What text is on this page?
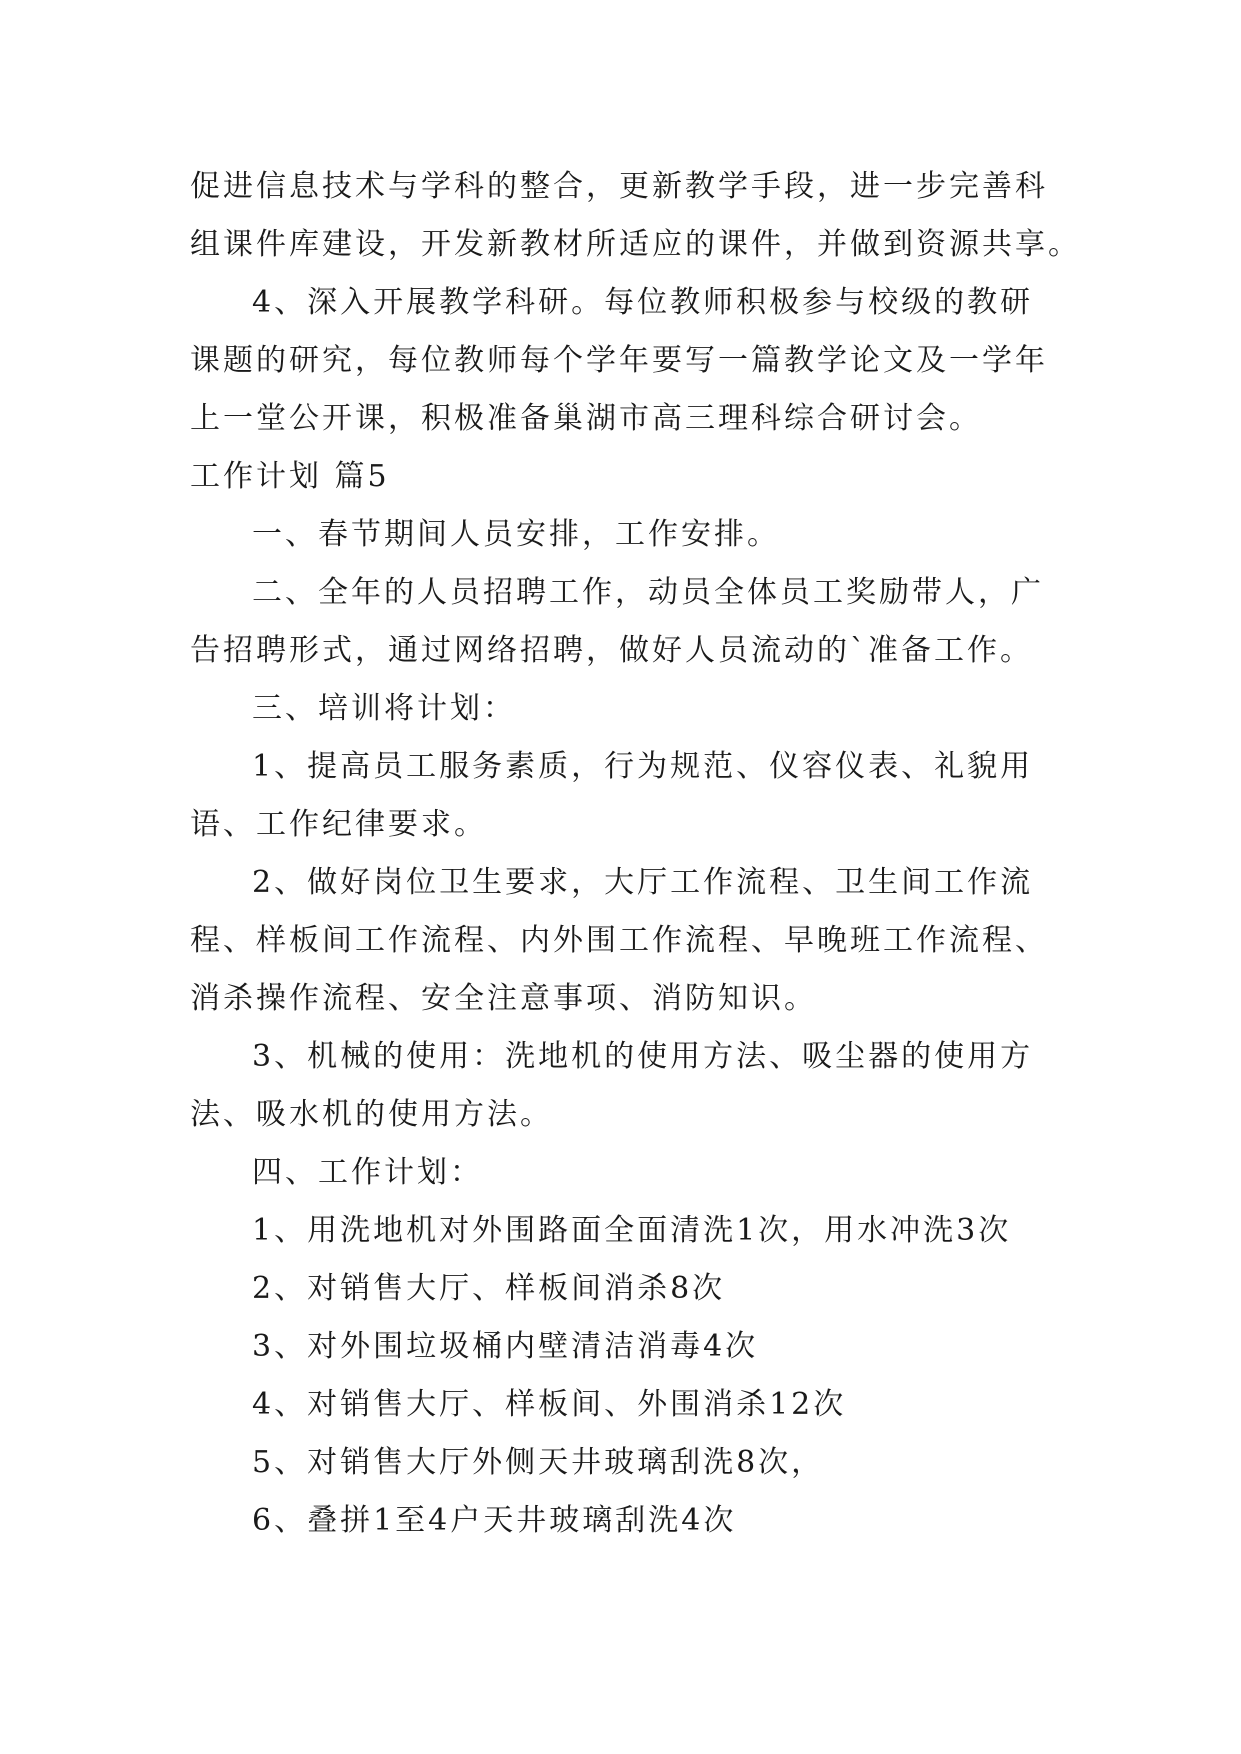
促进信息技术与学科的整合，更新教学手段，进一步完善科
组课件库建设，开发新教材所适应的课件，并做到资源共享。
4、深入开展教学科研。每位教师积极参与校级的教研
课题的研究，每位教师每个学年要写一篇教学论文及一学年
上一堂公开课，积极准备巢湖市高三理科综合研讨会。
工作计划 篇5
一、春节期间人员安排，工作安排。
二、全年的人员招聘工作，动员全体员工奖励带人，广
告招聘形式，通过网络招聘，做好人员流动的`准备工作。
三、培训将计划：
1、提高员工服务素质，行为规范、仪容仪表、礼貌用
语、工作纪律要求。
2、做好岗位卫生要求，大厅工作流程、卫生间工作流
程、样板间工作流程、内外围工作流程、早晚班工作流程、
消杀操作流程、安全注意事项、消防知识。
3、机械的使用：洗地机的使用方法、吸尘器的使用方
法、吸水机的使用方法。
四、工作计划：
1、用洗地机对外围路面全面清洗1次，用水冲洗3次
2、对销售大厅、样板间消杀8次
3、对外围垃圾桶内壁清洁消毒4次
4、对销售大厅、样板间、外围消杀12次
5、对销售大厅外侧天井玻璃刮洗8次，
6、叠拼1至4户天井玻璃刮洗4次
